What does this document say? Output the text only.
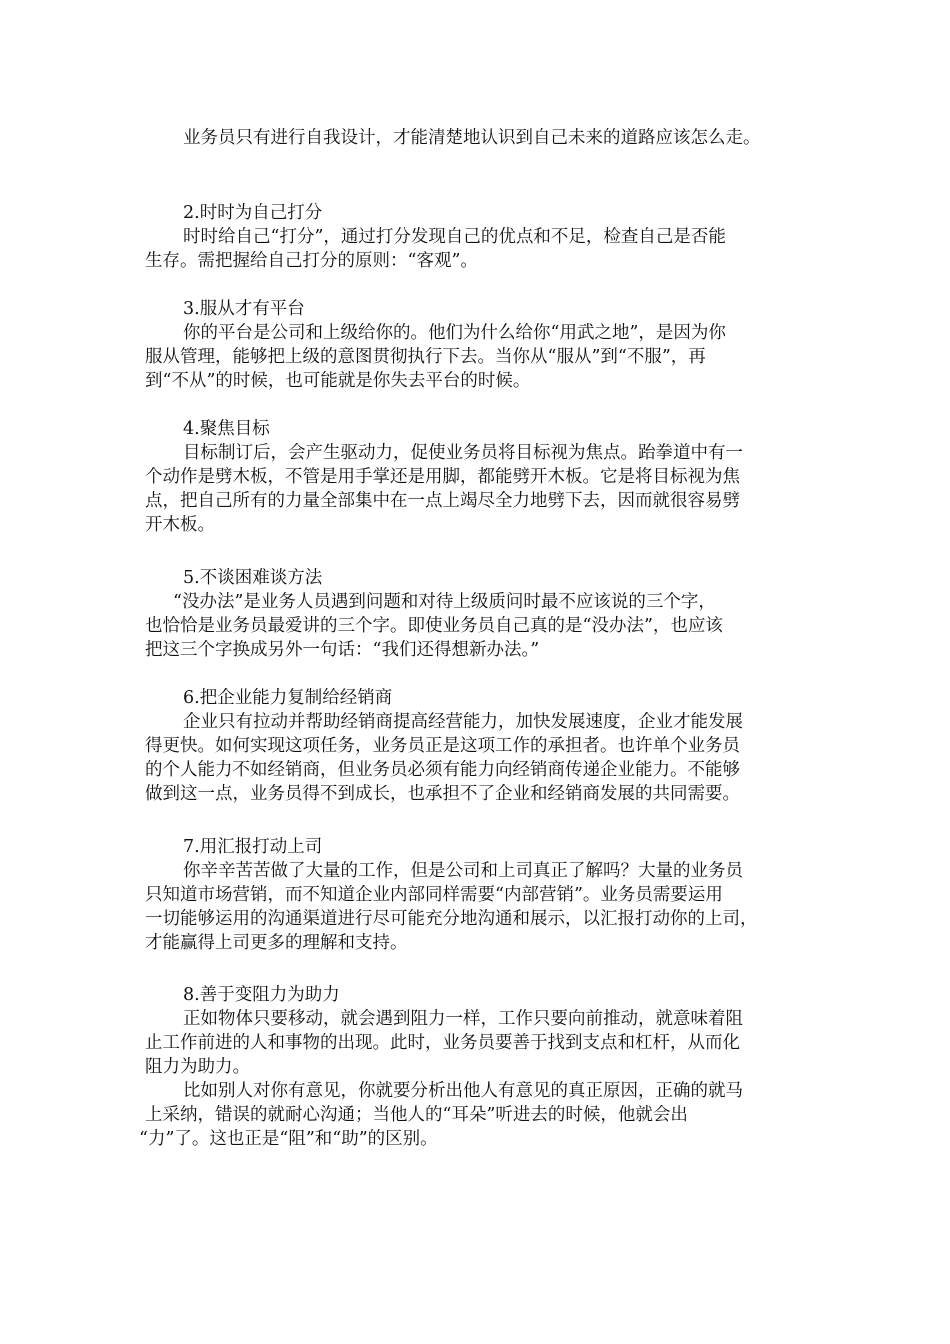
业务员只有进行自我设计，才能清楚地认识到自己未来的道路应该怎么走。
2.时时为自己打分
时时给自己“打分”，通过打分发现自己的优点和不足，检查自己是否能
生存。需把握给自己打分的原则：“客观”。
3.服从才有平台
你的平台是公司和上级给你的。他们为什么给你“用武之地”，是因为你
服从管理，能够把上级的意图贯彻执行下去。当你从“服从”到“不服”，再
到“不从”的时候，也可能就是你失去平台的时候。
4.聚焦目标
目标制订后，会产生驱动力，促使业务员将目标视为焦点。跆拳道中有一
个动作是劈木板，不管是用手掌还是用脚，都能劈开木板。它是将目标视为焦
点，把自己所有的力量全部集中在一点上竭尽全力地劈下去，因而就很容易劈
开木板。
5.不谈困难谈方法
“没办法”是业务人员遇到问题和对待上级质问时最不应该说的三个字，
也恰恰是业务员最爱讲的三个字。即使业务员自己真的是“没办法”，也应该
把这三个字换成另外一句话：“我们还得想新办法。”
6.把企业能力复制给经销商
企业只有拉动并帮助经销商提高经营能力，加快发展速度，企业才能发展
得更快。如何实现这项任务，业务员正是这项工作的承担者。也许单个业务员
的个人能力不如经销商，但业务员必须有能力向经销商传递企业能力。不能够
做到这一点，业务员得不到成长，也承担不了企业和经销商发展的共同需要。
7.用汇报打动上司
你辛辛苦苦做了大量的工作，但是公司和上司真正了解吗？大量的业务员
只知道市场营销，而不知道企业内部同样需要“内部营销”。业务员需要运用
一切能够运用的沟通渠道进行尽可能充分地沟通和展示，以汇报打动你的上司，
才能赢得上司更多的理解和支持。
8.善于变阻力为助力
正如物体只要移动，就会遇到阻力一样，工作只要向前推动，就意味着阻
止工作前进的人和事物的出现。此时，业务员要善于找到支点和杠杆，从而化
阻力为助力。
比如别人对你有意见，你就要分析出他人有意见的真正原因，正确的就马
上采纳，错误的就耐心沟通；当他人的“耳朵”听进去的时候，他就会出
“力”了。这也正是“阻”和“助”的区别。
